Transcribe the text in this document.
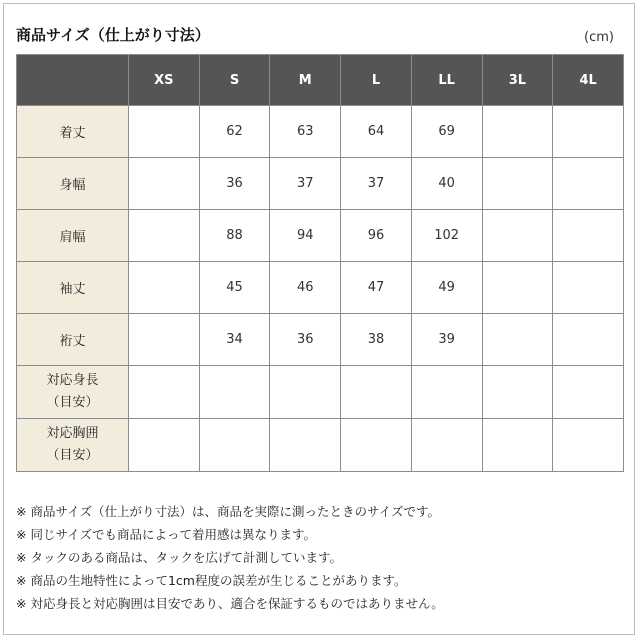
商品サイズ（仕上がり寸法）	(cm)
	XS	S	M	L	LL	3L	4L
着丈		62	63	64	69		
身幅		36	37	37	40		
肩幅		88	94	96	102		
袖丈		45	46	47	49		
裄丈		34	36	38	39		

対応身長
（目安）							

対応胸囲
（目安）							

※ 商品サイズ（仕上がり寸法）は、商品を実際に測ったときのサイズです。
※ 同じサイズでも商品によって着用感は異なります。
※ タックのある商品は、タックを広げて計測しています。
※ 商品の生地特性によって1cm程度の誤差が生じることがあります。
※ 対応身長と対応胸囲は目安であり、適合を保証するものではありません。
